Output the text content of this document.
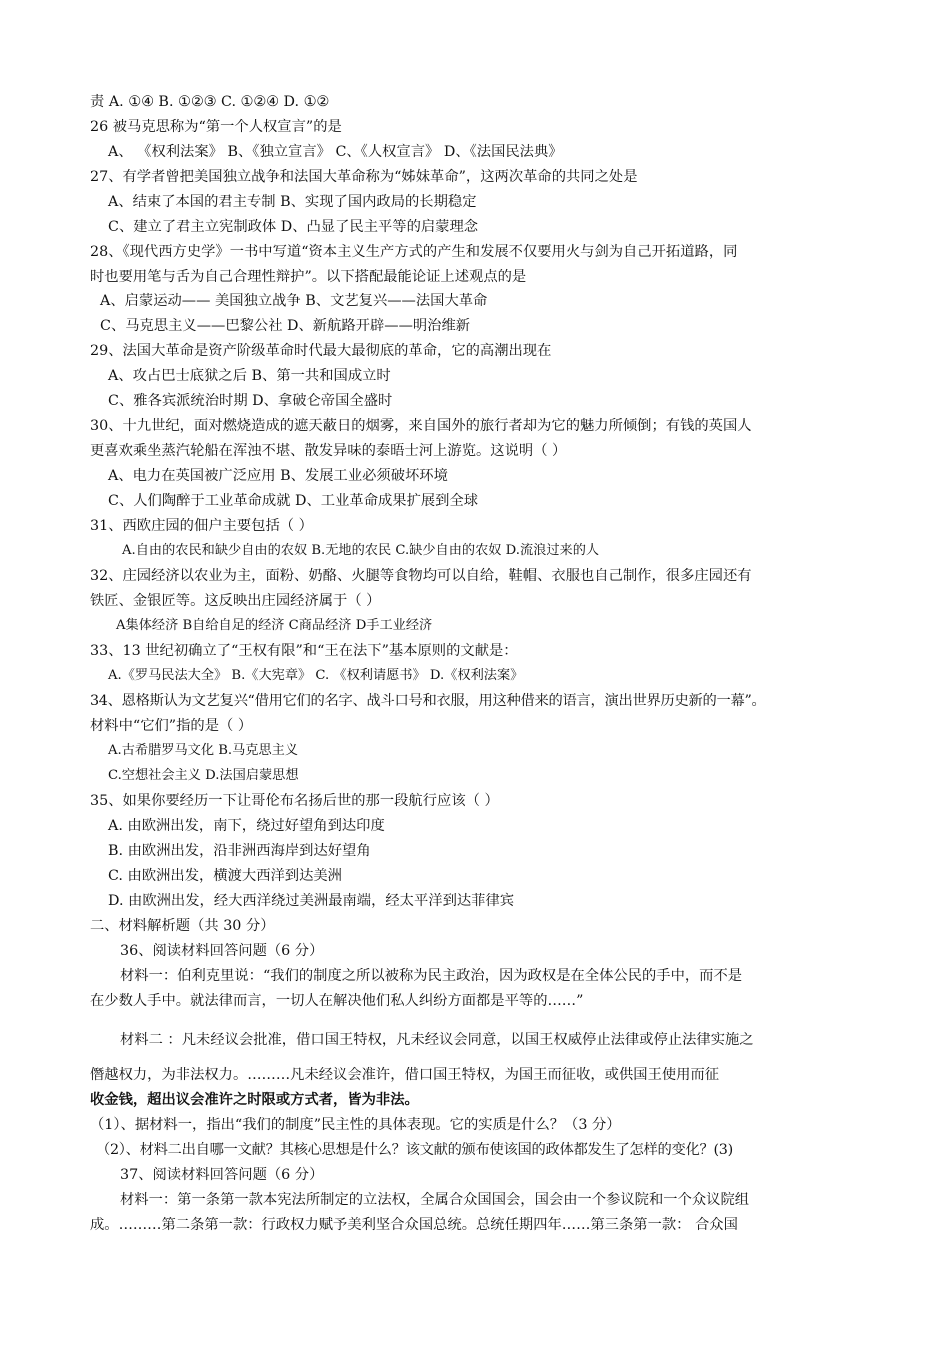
责 A. ①④ B. ①②③ C. ①②④ D. ①②
26 被马克思称为“第一个人权宣言”的是
A、 《权利法案》 B、《独立宣言》 C、《人权宣言》 D、《法国民法典》
27、有学者曾把美国独立战争和法国大革命称为“姊妹革命”，这两次革命的共同之处是
A、结束了本国的君主专制 B、实现了国内政局的长期稳定
C、建立了君主立宪制政体 D、凸显了民主平等的启蒙理念
28、《现代西方史学》一书中写道“资本主义生产方式的产生和发展不仅要用火与剑为自己开拓道路，同
时也要用笔与舌为自己合理性辩护”。以下搭配最能论证上述观点的是
A、启蒙运动—— 美国独立战争 B、文艺复兴——法国大革命
C、马克思主义——巴黎公社 D、新航路开辟——明治维新
29、法国大革命是资产阶级革命时代最大最彻底的革命，它的高潮出现在
A、攻占巴士底狱之后 B、第一共和国成立时
C、雅各宾派统治时期 D、拿破仑帝国全盛时
30、十九世纪，面对燃烧造成的遮天蔽日的烟雾，来自国外的旅行者却为它的魅力所倾倒；有钱的英国人
更喜欢乘坐蒸汽轮船在浑浊不堪、散发异味的泰晤士河上游览。这说明（ ）
A、电力在英国被广泛应用 B、发展工业必须破坏环境
C、人们陶醉于工业革命成就 D、工业革命成果扩展到全球
31、西欧庄园的佃户主要包括（ ）
A.自由的农民和缺少自由的农奴 B.无地的农民 C.缺少自由的农奴 D.流浪过来的人
32、庄园经济以农业为主，面粉、奶酪、火腿等食物均可以自给，鞋帽、衣服也自己制作，很多庄园还有
铁匠、金银匠等。这反映出庄园经济属于（ ）
A集体经济 B自给自足的经济 C商品经济 D手工业经济
33、13 世纪初确立了“王权有限”和“王在法下”基本原则的文献是：
A.《罗马民法大全》 B.《大宪章》 C. 《权利请愿书》 D.《权利法案》
34、恩格斯认为文艺复兴“借用它们的名字、战斗口号和衣服，用这种借来的语言，演出世界历史新的一幕”。
材料中“它们”指的是（ ）
A.古希腊罗马文化 B.马克思主义
C.空想社会主义 D.法国启蒙思想
35、如果你要经历一下让哥伦布名扬后世的那一段航行应该（ ）
A. 由欧洲出发，南下，绕过好望角到达印度
B. 由欧洲出发，沿非洲西海岸到达好望角
C. 由欧洲出发，横渡大西洋到达美洲
D. 由欧洲出发，经大西洋绕过美洲最南端，经太平洋到达菲律宾
二、材料解析题（共 30 分）
36、阅读材料回答问题（6 分）
材料一：伯利克里说：“我们的制度之所以被称为民主政治，因为政权是在全体公民的手中，而不是
在少数人手中。就法律而言，一切人在解决他们私人纠纷方面都是平等的……”
材料二 ：凡未经议会批准，借口国王特权，凡未经议会同意，以国王权威停止法律或停止法律实施之
僭越权力，为非法权力。………凡未经议会准许，借口国王特权，为国王而征收，或供国王使用而征
收金钱，超出议会准许之时限或方式者，皆为非法。
（1）、据材料一，指出“我们的制度”民主性的具体表现。它的实质是什么？（3 分）
（2）、材料二出自哪一文献？其核心思想是什么？该文献的颁布使该国的政体都发生了怎样的变化？(3)
37、阅读材料回答问题（6 分）
材料一：第一条第一款本宪法所制定的立法权，全属合众国国会，国会由一个参议院和一个众议院组
成。………第二条第一款：行政权力赋予美利坚合众国总统。总统任期四年……第三条第一款： 合众国
